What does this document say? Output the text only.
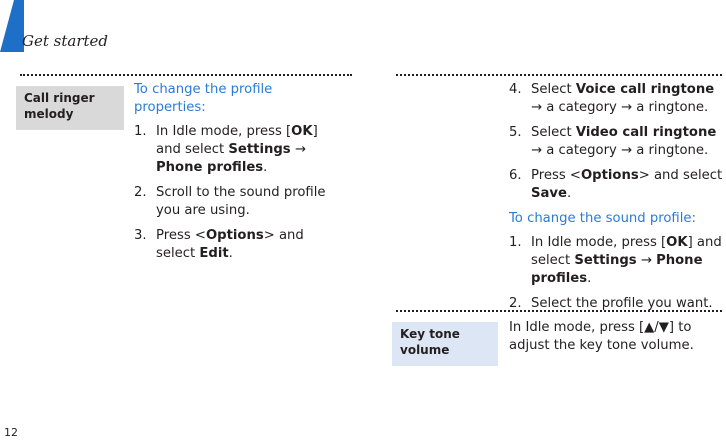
Get started
Call ringer melody
To change the profile properties:
1. In Idle mode, press [OK] and select Settings → Phone profiles.
2. Scroll to the sound profile you are using.
3. Press <Options> and select Edit.
4. Select Voice call ringtone → a category → a ringtone.
5. Select Video call ringtone → a category → a ringtone.
6. Press <Options> and select Save.
To change the sound profile:
1. In Idle mode, press [OK] and select Settings → Phone profiles.
2. Select the profile you want.
Key tone volume
In Idle mode, press [▲/▼] to adjust the key tone volume.
12
